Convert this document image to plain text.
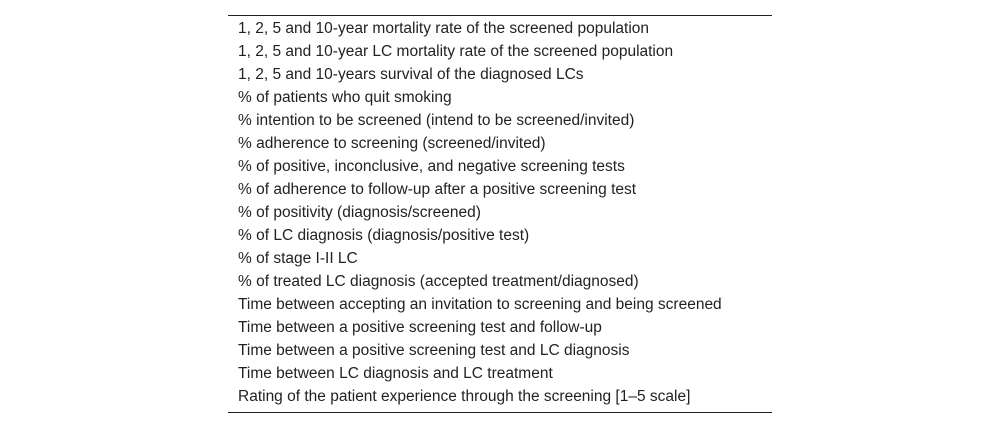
1, 2, 5 and 10-year mortality rate of the screened population
1, 2, 5 and 10-year LC mortality rate of the screened population
1, 2, 5 and 10-years survival of the diagnosed LCs
% of patients who quit smoking
% intention to be screened (intend to be screened/invited)
% adherence to screening (screened/invited)
% of positive, inconclusive, and negative screening tests
% of adherence to follow-up after a positive screening test
% of positivity (diagnosis/screened)
% of LC diagnosis (diagnosis/positive test)
% of stage I-II LC
% of treated LC diagnosis (accepted treatment/diagnosed)
Time between accepting an invitation to screening and being screened
Time between a positive screening test and follow-up
Time between a positive screening test and LC diagnosis
Time between LC diagnosis and LC treatment
Rating of the patient experience through the screening [1–5 scale]
